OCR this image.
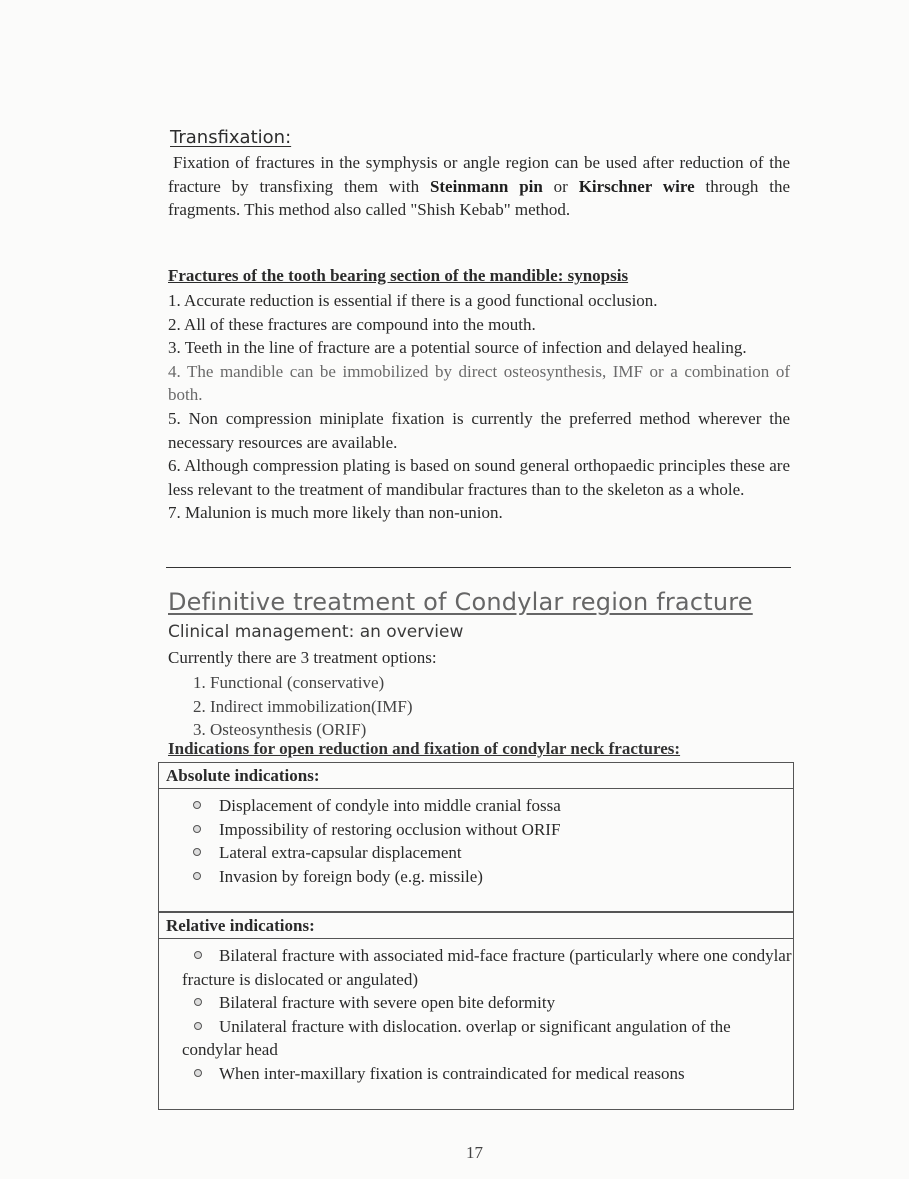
Transfixation:
Fixation of fractures in the symphysis or angle region can be used after reduction of the fracture by transfixing them with Steinmann pin or Kirschner wire through the fragments. This method also called "Shish Kebab" method.
Fractures of the tooth bearing section of the mandible: synopsis
1. Accurate reduction is essential if there is a good functional occlusion.
2. All of these fractures are compound into the mouth.
3. Teeth in the line of fracture are a potential source of infection and delayed healing.
4. The mandible can be immobilized by direct osteosynthesis, IMF or a combination of both.
5. Non compression miniplate fixation is currently the preferred method wherever the necessary resources are available.
6. Although compression plating is based on sound general orthopaedic principles these are less relevant to the treatment of mandibular fractures than to the skeleton as a whole.
7. Malunion is much more likely than non-union.
Definitive treatment of Condylar region fracture
Clinical management: an overview
Currently there are 3 treatment options:
1. Functional (conservative)
2. Indirect immobilization(IMF)
3. Osteosynthesis (ORIF)
Indications for open reduction and fixation of condylar neck fractures:
Absolute indications:
Displacement of condyle into middle cranial fossa
Impossibility of restoring occlusion without ORIF
Lateral extra-capsular displacement
Invasion by foreign body (e.g. missile)
Relative indications:
Bilateral fracture with associated mid-face fracture (particularly where one condylar fracture is dislocated or angulated)
Bilateral fracture with severe open bite deformity
Unilateral fracture with dislocation. overlap or significant angulation of the condylar head
When inter-maxillary fixation is contraindicated for medical reasons
17
